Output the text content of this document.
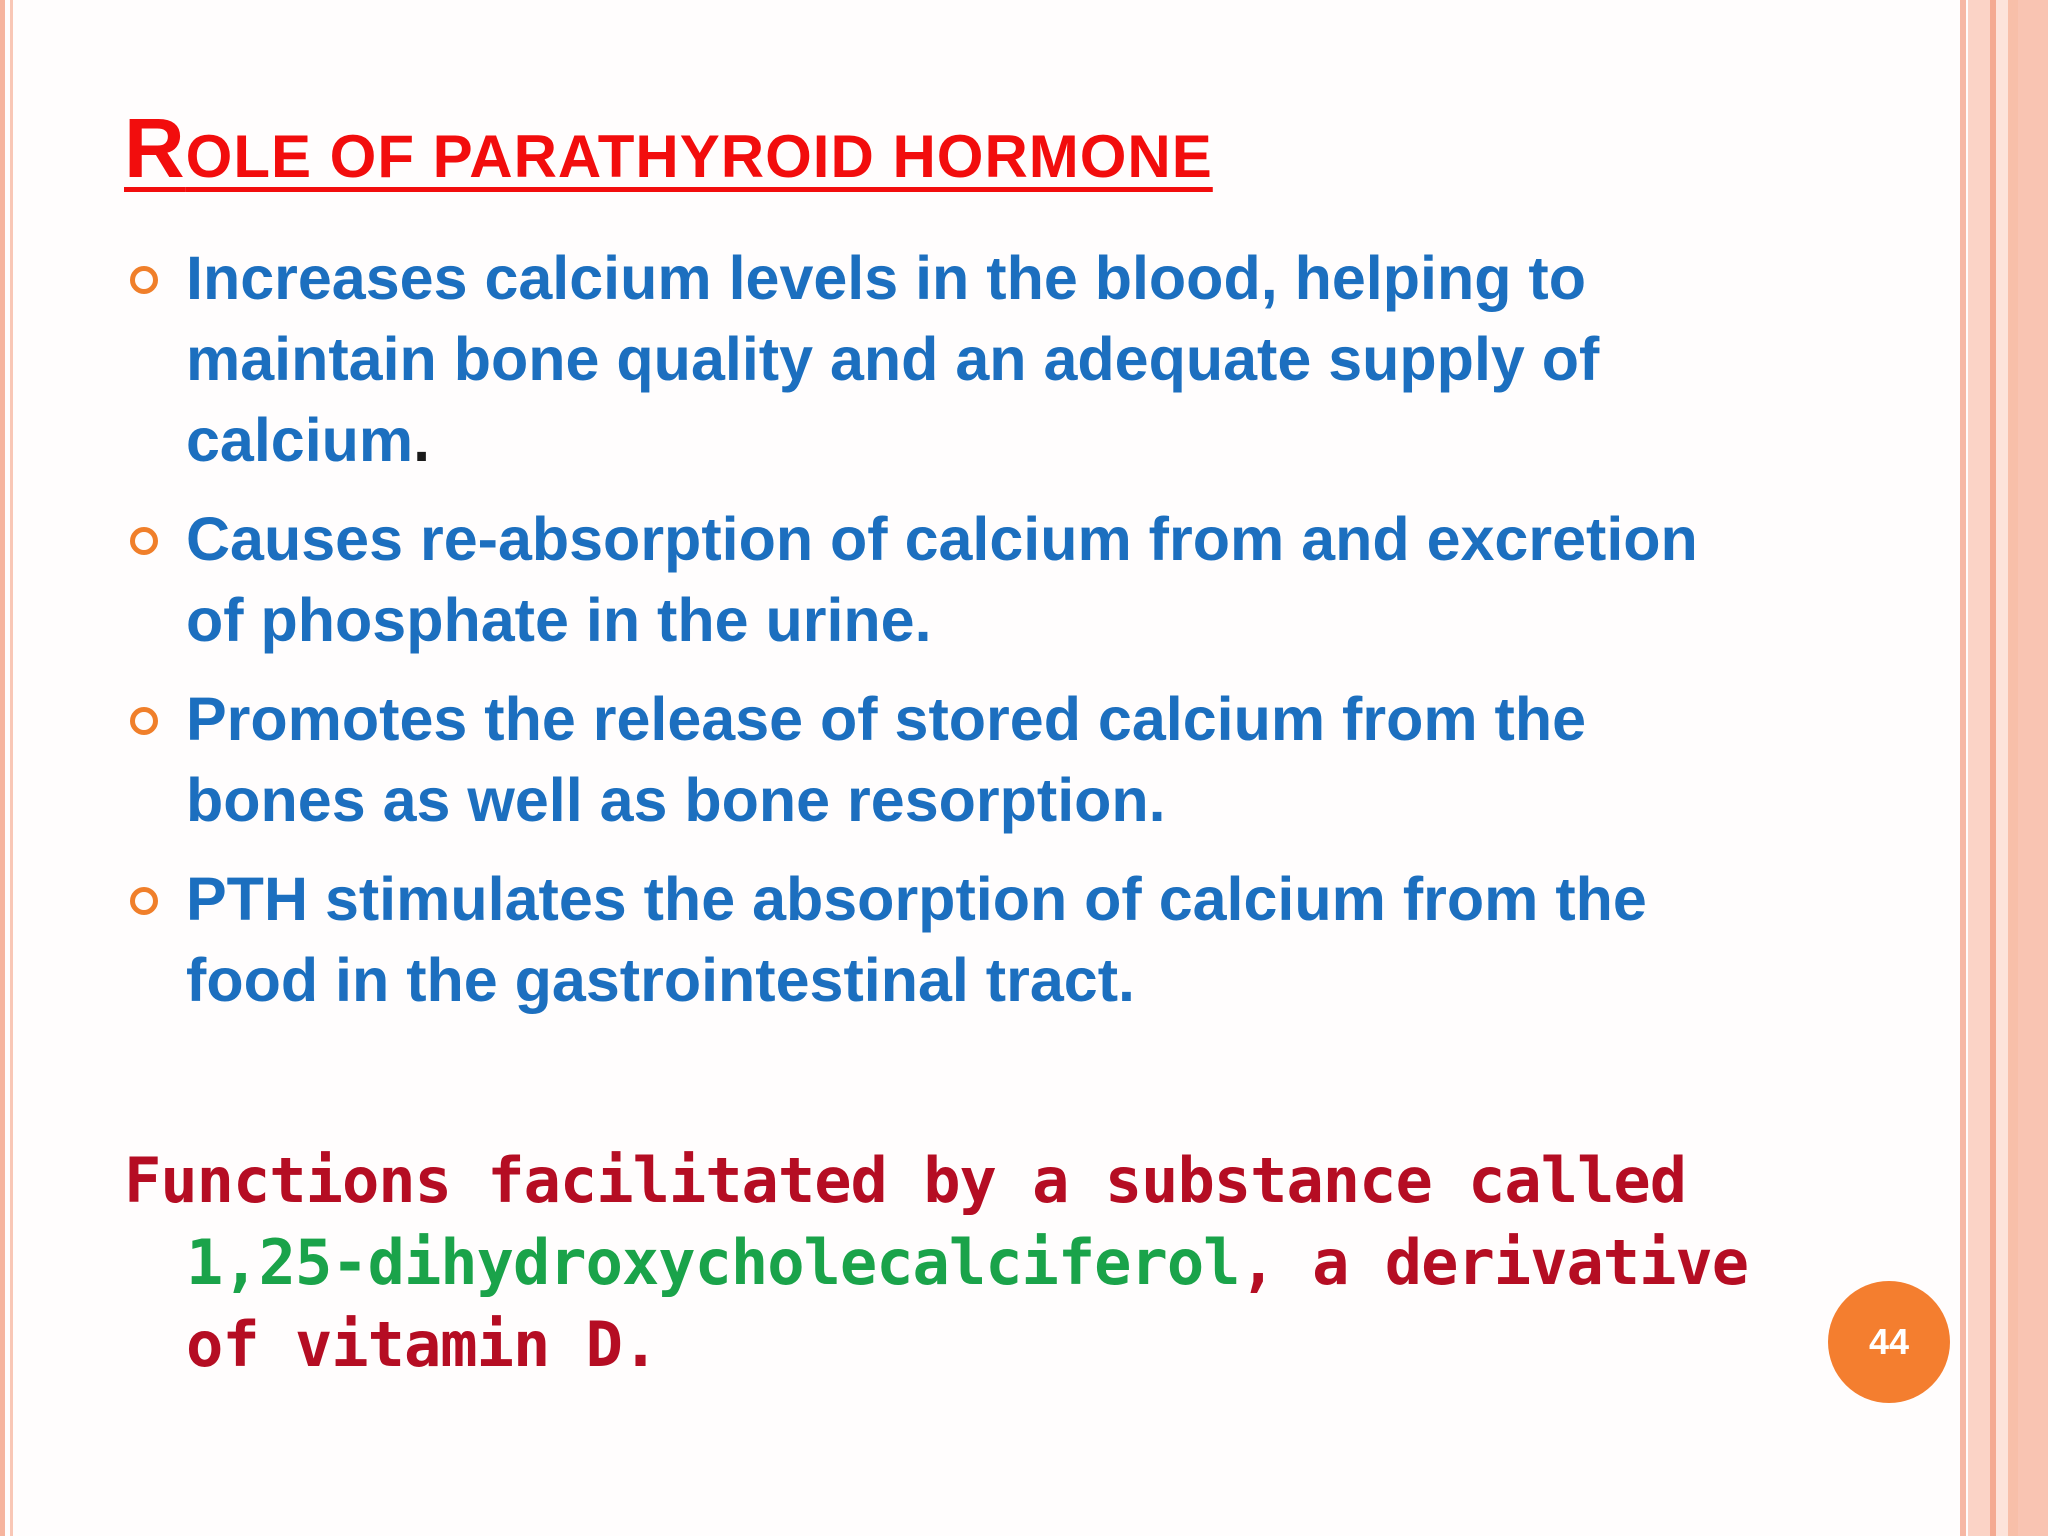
ROLE OF PARATHYROID HORMONE
Increases calcium levels in the blood, helping to maintain bone quality and an adequate supply of calcium.
Causes re-absorption of calcium from and excretion of phosphate in the urine.
Promotes the release of stored calcium from the bones as well as bone resorption.
PTH stimulates the absorption of calcium from the food in the gastrointestinal tract.

Functions facilitated by a substance called 1,25-dihydroxycholecalciferol, a derivative of vitamin D.	44
